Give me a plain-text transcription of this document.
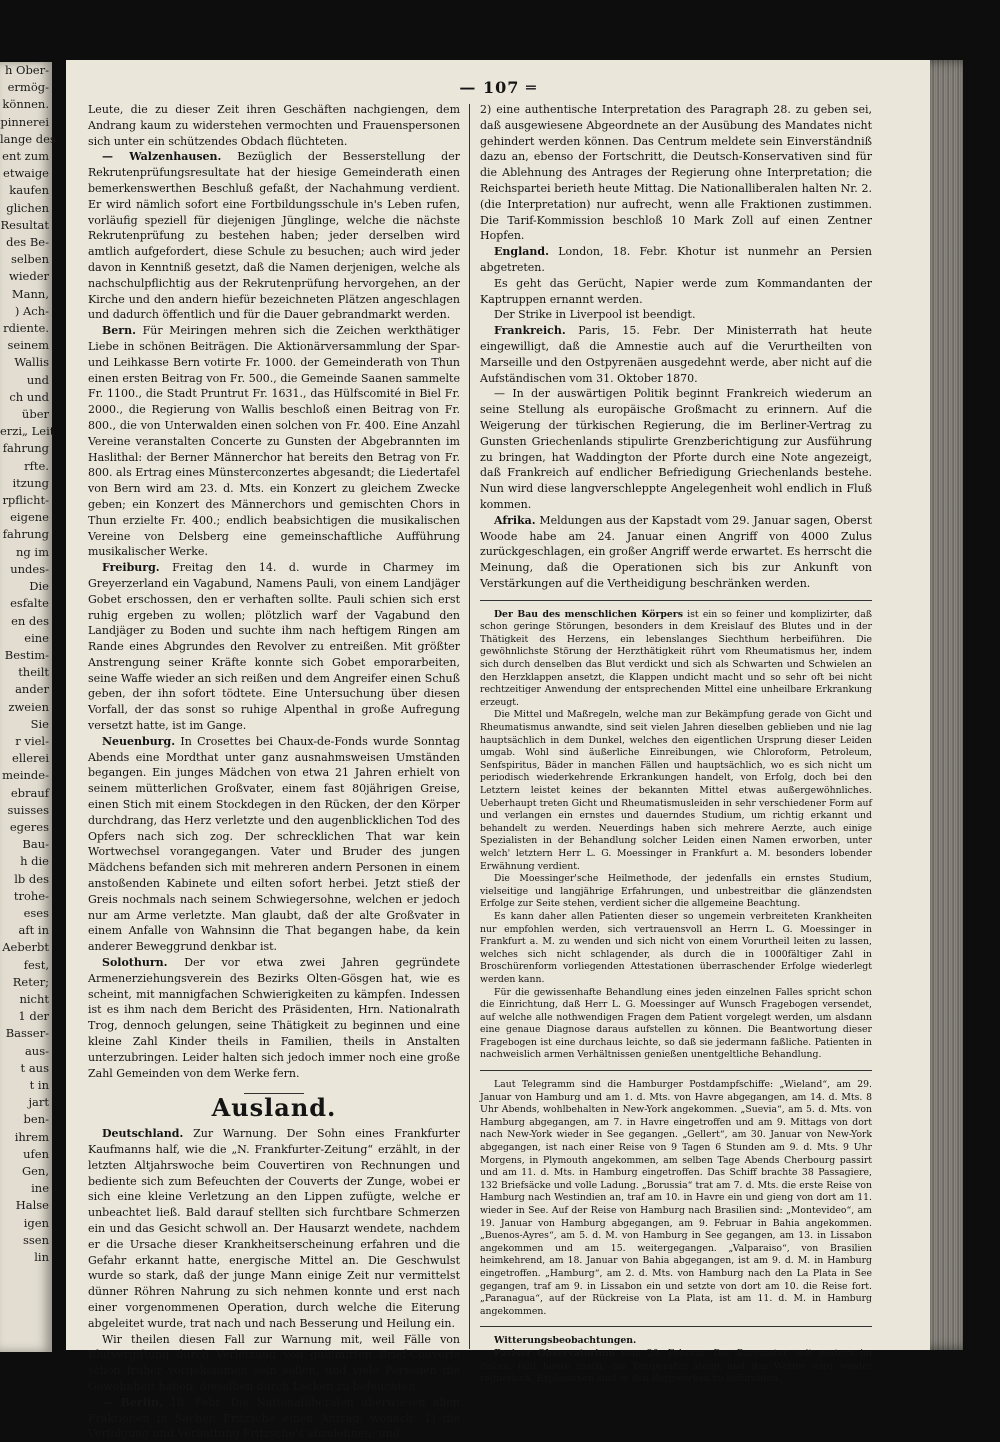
h Ober-
ermög-
können.
pinnerei
lange des
ent zum
etwaige
kaufen
glichen
Resultat
des Be-
selben
wieder
Mann,
) Ach-
rdiente.
seinem
Wallis
und
ch und
über
erzi„ Leit
fahrung
rfte.
itzung
rpflicht-
eigene
fahrung
ng im
undes-
Die
esfalte
en des
eine
Bestim-
theilt
ander
zweien
Sie
r viel-
ellerei
meinde-
ebrauf
suisses
egeres
Bau-
h die
lb des
trohe-
eses
aft in
Aeberbt
fest,
Reter;
nicht
1 der
Basser-
aus-
t aus
t in
jart
ben-
ihrem
ufen
Gen,
ine
Halse
igen
ssen
lin
— 107 ═

Leute, die zu dieser Zeit ihren Geschäften nachgiengen, dem Andrang kaum zu widerstehen vermochten und Frauenspersonen sich unter ein schützendes Obdach flüchteten.

— Walzenhausen. Bezüglich der Besserstellung der Rekrutenprüfungsresultate hat der hiesige Gemeinderath einen bemerkenswerthen Beschluß gefaßt, der Nachahmung verdient. Er wird nämlich sofort eine Fortbildungsschule in's Leben rufen, vorläufig speziell für diejenigen Jünglinge, welche die nächste Rekrutenprüfung zu bestehen haben; jeder derselben wird amtlich aufgefordert, diese Schule zu besuchen; auch wird jeder davon in Kenntniß gesetzt, daß die Namen derjenigen, welche als nachschulpflichtig aus der Rekrutenprüfung hervorgehen, an der Kirche und den andern hiefür bezeichneten Plätzen angeschlagen und dadurch öffentlich und für die Dauer gebrandmarkt werden.

Bern. Für Meiringen mehren sich die Zeichen werkthätiger Liebe in schönen Beiträgen. Die Aktionärversammlung der Spar- und Leihkasse Bern votirte Fr. 1000. der Gemeinderath von Thun einen ersten Beitrag von Fr. 500., die Gemeinde Saanen sammelte Fr. 1100., die Stadt Pruntrut Fr. 1631., das Hülfscomité in Biel Fr. 2000., die Regierung von Wallis beschloß einen Beitrag von Fr. 800., die von Unterwalden einen solchen von Fr. 400. Eine Anzahl Vereine veranstalten Concerte zu Gunsten der Abgebrannten im Haslithal: der Berner Männerchor hat bereits den Betrag von Fr. 800. als Ertrag eines Münsterconzertes abgesandt; die Liedertafel von Bern wird am 23. d. Mts. ein Konzert zu gleichem Zwecke geben; ein Konzert des Männerchors und gemischten Chors in Thun erzielte Fr. 400.; endlich beabsichtigen die musikalischen Vereine von Delsberg eine gemeinschaftliche Aufführung musikalischer Werke.

Freiburg. Freitag den 14. d. wurde in Charmey im Greyerzerland ein Vagabund, Namens Pauli, von einem Landjäger Gobet erschossen, den er verhaften sollte. Pauli schien sich erst ruhig ergeben zu wollen; plötzlich warf der Vagabund den Landjäger zu Boden und suchte ihm nach heftigem Ringen am Rande eines Abgrundes den Revolver zu entreißen. Mit größter Anstrengung seiner Kräfte konnte sich Gobet emporarbeiten, seine Waffe wieder an sich reißen und dem Angreifer einen Schuß geben, der ihn sofort tödtete. Eine Untersuchung über diesen Vorfall, der das sonst so ruhige Alpenthal in große Aufregung versetzt hatte, ist im Gange.

Neuenburg. In Crosettes bei Chaux-de-Fonds wurde Sonntag Abends eine Mordthat unter ganz ausnahmsweisen Umständen begangen. Ein junges Mädchen von etwa 21 Jahren erhielt von seinem mütterlichen Großvater, einem fast 80jährigen Greise, einen Stich mit einem Stockdegen in den Rücken, der den Körper durchdrang, das Herz verletzte und den augenblicklichen Tod des Opfers nach sich zog. Der schrecklichen That war kein Wortwechsel vorangegangen. Vater und Bruder des jungen Mädchens befanden sich mit mehreren andern Personen in einem anstoßenden Kabinete und eilten sofort herbei. Jetzt stieß der Greis nochmals nach seinem Schwiegersohne, welchen er jedoch nur am Arme verletzte. Man glaubt, daß der alte Großvater in einem Anfalle von Wahnsinn die That begangen habe, da kein anderer Beweggrund denkbar ist.

Solothurn. Der vor etwa zwei Jahren gegründete Armenerziehungsverein des Bezirks Olten-Gösgen hat, wie es scheint, mit mannigfachen Schwierigkeiten zu kämpfen. Indessen ist es ihm nach dem Bericht des Präsidenten, Hrn. Nationalrath Trog, dennoch gelungen, seine Thätigkeit zu beginnen und eine kleine Zahl Kinder theils in Familien, theils in Anstalten unterzubringen. Leider halten sich jedoch immer noch eine große Zahl Gemeinden von dem Werke fern.

Ausland.

Deutschland. Zur Warnung. Der Sohn eines Frankfurter Kaufmanns half, wie die „N. Frankfurter-Zeitung“ erzählt, in der letzten Altjahrswoche beim Couvertiren von Rechnungen und bediente sich zum Befeuchten der Couverts der Zunge, wobei er sich eine kleine Verletzung an den Lippen zufügte, welche er unbeachtet ließ. Bald darauf stellten sich furchtbare Schmerzen ein und das Gesicht schwoll an. Der Hausarzt wendete, nachdem er die Ursache dieser Krankheitserscheinung erfahren und die Gefahr erkannt hatte, energische Mittel an. Die Geschwulst wurde so stark, daß der junge Mann einige Zeit nur vermittelst dünner Röhren Nahrung zu sich nehmen konnte und erst nach einer vorgenommenen Operation, durch welche die Eiterung abgeleitet wurde, trat nach und nach Besserung und Heilung ein.

Wir theilen diesen Fall zur Warnung mit, weil Fälle von Blutvergiftung durch Verletzung von gummirten Brief-Couverts schon früher vorgekommen sein sollen, und viele Personen die Gewohnheit haben, dieselben durch Lecken zu befeuchten.

— Berlin, 18. Febr. Die Nationalliberalen überwiesen allen Fraktionen in Sachen Fritzsche einen Antrag, wonach: 1) die Verfolgung und Verhaftung Fritzsche's abzulehnen; und

2) eine authentische Interpretation des Paragraph 28. zu geben sei, daß ausgewiesene Abgeordnete an der Ausübung des Mandates nicht gehindert werden können. Das Centrum meldete sein Einverständniß dazu an, ebenso der Fortschritt, die Deutsch-Konservativen sind für die Ablehnung des Antrages der Regierung ohne Interpretation; die Reichspartei berieth heute Mittag. Die Nationalliberalen halten Nr. 2. (die Interpretation) nur aufrecht, wenn alle Fraktionen zustimmen. Die Tarif-Kommission beschloß 10 Mark Zoll auf einen Zentner Hopfen.

England. London, 18. Febr. Khotur ist nunmehr an Persien abgetreten.

Es geht das Gerücht, Napier werde zum Kommandanten der Kaptruppen ernannt werden.

Der Strike in Liverpool ist beendigt.

Frankreich. Paris, 15. Febr. Der Ministerrath hat heute eingewilligt, daß die Amnestie auch auf die Verurtheilten von Marseille und den Ostpyrenäen ausgedehnt werde, aber nicht auf die Aufständischen vom 31. Oktober 1870.

— In der auswärtigen Politik beginnt Frankreich wiederum an seine Stellung als europäische Großmacht zu erinnern. Auf die Weigerung der türkischen Regierung, die im Berliner-Vertrag zu Gunsten Griechenlands stipulirte Grenzberichtigung zur Ausführung zu bringen, hat Waddington der Pforte durch eine Note angezeigt, daß Frankreich auf endlicher Befriedigung Griechenlands bestehe. Nun wird diese langverschleppte Angelegenheit wohl endlich in Fluß kommen.

Afrika. Meldungen aus der Kapstadt vom 29. Januar sagen, Oberst Woode habe am 24. Januar einen Angriff von 4000 Zulus zurückgeschlagen, ein großer Angriff werde erwartet. Es herrscht die Meinung, daß die Operationen sich bis zur Ankunft von Verstärkungen auf die Vertheidigung beschränken werden.

Der Bau des menschlichen Körpers ist ein so feiner und komplizirter, daß schon geringe Störungen, besonders in dem Kreislauf des Blutes und in der Thätigkeit des Herzens, ein lebenslanges Siechthum herbeiführen. Die gewöhnlichste Störung der Herzthätigkeit rührt vom Rheumatismus her, indem sich durch denselben das Blut verdickt und sich als Schwarten und Schwielen an den Herzklappen ansetzt, die Klappen undicht macht und so sehr oft bei nicht rechtzeitiger Anwendung der entsprechenden Mittel eine unheilbare Erkrankung erzeugt.

Die Mittel und Maßregeln, welche man zur Bekämpfung gerade von Gicht und Rheumatismus anwandte, sind seit vielen Jahren dieselben geblieben und nie lag hauptsächlich in dem Dunkel, welches den eigentlichen Ursprung dieser Leiden umgab. Wohl sind äußerliche Einreibungen, wie Chloroform, Petroleum, Senfspiritus, Bäder in manchen Fällen und hauptsächlich, wo es sich nicht um periodisch wiederkehrende Erkrankungen handelt, von Erfolg, doch bei den Letztern leistet keines der bekannten Mittel etwas außergewöhnliches. Ueberhaupt treten Gicht und Rheumatismusleiden in sehr verschiedener Form auf und verlangen ein ernstes und dauerndes Studium, um richtig erkannt und behandelt zu werden. Neuerdings haben sich mehrere Aerzte, auch einige Spezialisten in der Behandlung solcher Leiden einen Namen erworben, unter welch' letztern Herr L. G. Moessinger in Frankfurt a. M. besonders lobender Erwähnung verdient.

Die Moessinger'sche Heilmethode, der jedenfalls ein ernstes Studium, vielseitige und langjährige Erfahrungen, und unbestreitbar die glänzendsten Erfolge zur Seite stehen, verdient sicher die allgemeine Beachtung.

Es kann daher allen Patienten dieser so ungemein verbreiteten Krankheiten nur empfohlen werden, sich vertrauensvoll an Herrn L. G. Moessinger in Frankfurt a. M. zu wenden und sich nicht von einem Vorurtheil leiten zu lassen, welches sich nicht schlagender, als durch die in 1000fältiger Zahl in Broschürenform vorliegenden Attestationen überraschender Erfolge wiederlegt werden kann.

Für die gewissenhafte Behandlung eines jeden einzelnen Falles spricht schon die Einrichtung, daß Herr L. G. Moessinger auf Wunsch Fragebogen versendet, auf welche alle nothwendigen Fragen dem Patient vorgelegt werden, um alsdann eine genaue Diagnose daraus aufstellen zu können. Die Beantwortung dieser Fragebogen ist eine durchaus leichte, so daß sie jedermann faßliche. Patienten in nachweislich armen Verhältnissen genießen unentgeltliche Behandlung.

Laut Telegramm sind die Hamburger Postdampfschiffe: „Wieland“, am 29. Januar von Hamburg und am 1. d. Mts. von Havre abgegangen, am 14. d. Mts. 8 Uhr Abends, wohlbehalten in New-York angekommen. „Suevia“, am 5. d. Mts. von Hamburg abgegangen, am 7. in Havre eingetroffen und am 9. Mittags von dort nach New-York wieder in See gegangen. „Gellert“, am 30. Januar von New-York abgegangen, ist nach einer Reise von 9 Tagen 6 Stunden am 9. d. Mts. 9 Uhr Morgens, in Plymouth angekommen, am selben Tage Abends Cherbourg passirt und am 11. d. Mts. in Hamburg eingetroffen. Das Schiff brachte 38 Passagiere, 132 Briefsäcke und volle Ladung. „Borussia“ trat am 7. d. Mts. die erste Reise von Hamburg nach Westindien an, traf am 10. in Havre ein und gieng von dort am 11. wieder in See. Auf der Reise von Hamburg nach Brasilien sind: „Montevideo“, am 19. Januar von Hamburg abgegangen, am 9. Februar in Bahia angekommen. „Buenos-Ayres“, am 5. d. M. von Hamburg in See gegangen, am 13. in Lissabon angekommen und am 15. weitergegangen. „Valparaiso“, von Brasilien heimkehrend, am 18. Januar von Bahia abgegangen, ist am 9. d. M. in Hamburg eingetroffen. „Hamburg“, am 2. d. Mts. von Hamburg nach den La Plata in See gegangen, traf am 9. in Lissabon ein und setzte von dort am 10. die Reise fort. „Paranagua“, auf der Rückreise von La Plata, ist am 11. d. M. in Hamburg angekommen.

Witterungsbeobachtungen.

Pariser Observatorium vom 20. Februar. Der Barometer, seit gestern im Fallen, fällt heute rasch, die Temperatur steigt und das Wetter wird wieder regnerisch. Explosionen sind in den Bergwerken zu befürchten.
